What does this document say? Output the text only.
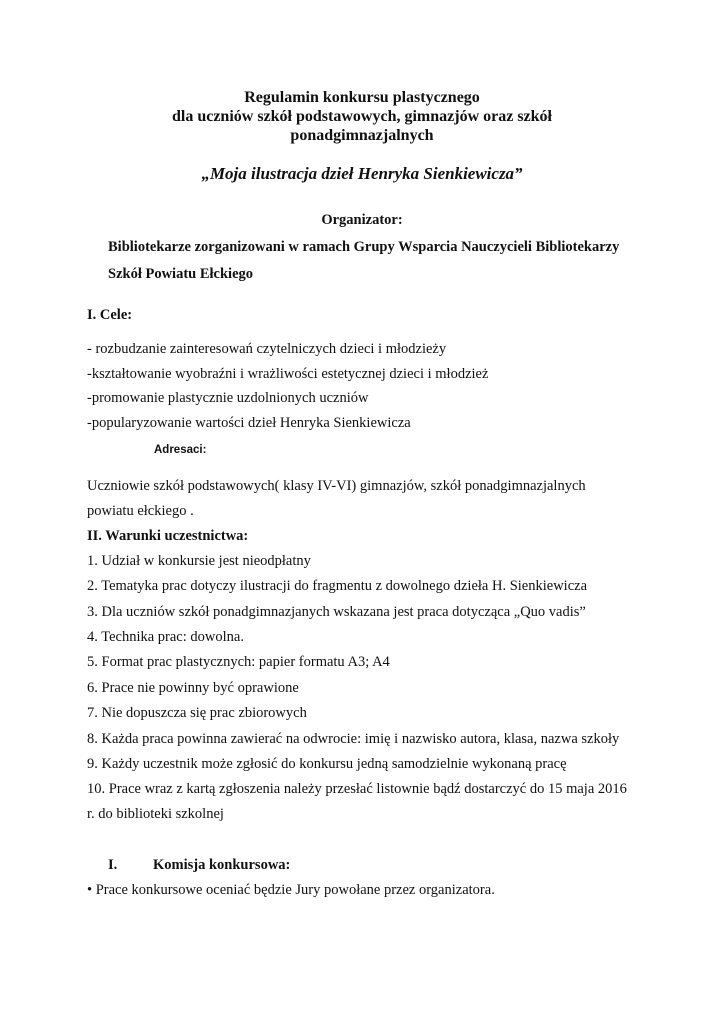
Regulamin konkursu plastycznego
dla uczniów szkół podstawowych, gimnazjów oraz szkół
ponadgimnazjalnych
„Moja ilustracja dzieł Henryka Sienkiewicza”
Organizator:
Bibliotekarze zorganizowani w ramach Grupy Wsparcia Nauczycieli Bibliotekarzy
Szkół Powiatu Ełckiego
I. Cele:
- rozbudzanie zainteresowań czytelniczych dzieci i młodzieży
-kształtowanie wyobraźni i wrażliwości estetycznej dzieci i młodzież
-promowanie plastycznie uzdolnionych uczniów
-popularyzowanie wartości dzieł Henryka Sienkiewicza
Adresaci:
Uczniowie szkół podstawowych( klasy IV-VI) gimnazjów, szkół ponadgimnazjalnych
powiatu ełckiego .
II. Warunki uczestnictwa:
1. Udział w konkursie jest nieodpłatny
2. Tematyka prac dotyczy ilustracji do fragmentu z dowolnego dzieła H. Sienkiewicza
3. Dla uczniów szkół ponadgimnazjanych wskazana jest praca dotycząca „Quo vadis”
4. Technika prac: dowolna.
5. Format prac plastycznych: papier formatu A3; A4
6. Prace nie powinny być oprawione
7. Nie dopuszcza się prac zbiorowych
8. Każda praca powinna zawierać na odwrocie: imię i nazwisko autora, klasa, nazwa szkoły
9. Każdy uczestnik może zgłosić do konkursu jedną samodzielnie wykonaną pracę
10. Prace wraz z kartą zgłoszenia należy przesłać listownie bądź dostarczyć do 15 maja 2016
r. do biblioteki szkolnej
I. Komisja konkursowa:
• Prace konkursowe oceniać będzie Jury powołane przez organizatora.
